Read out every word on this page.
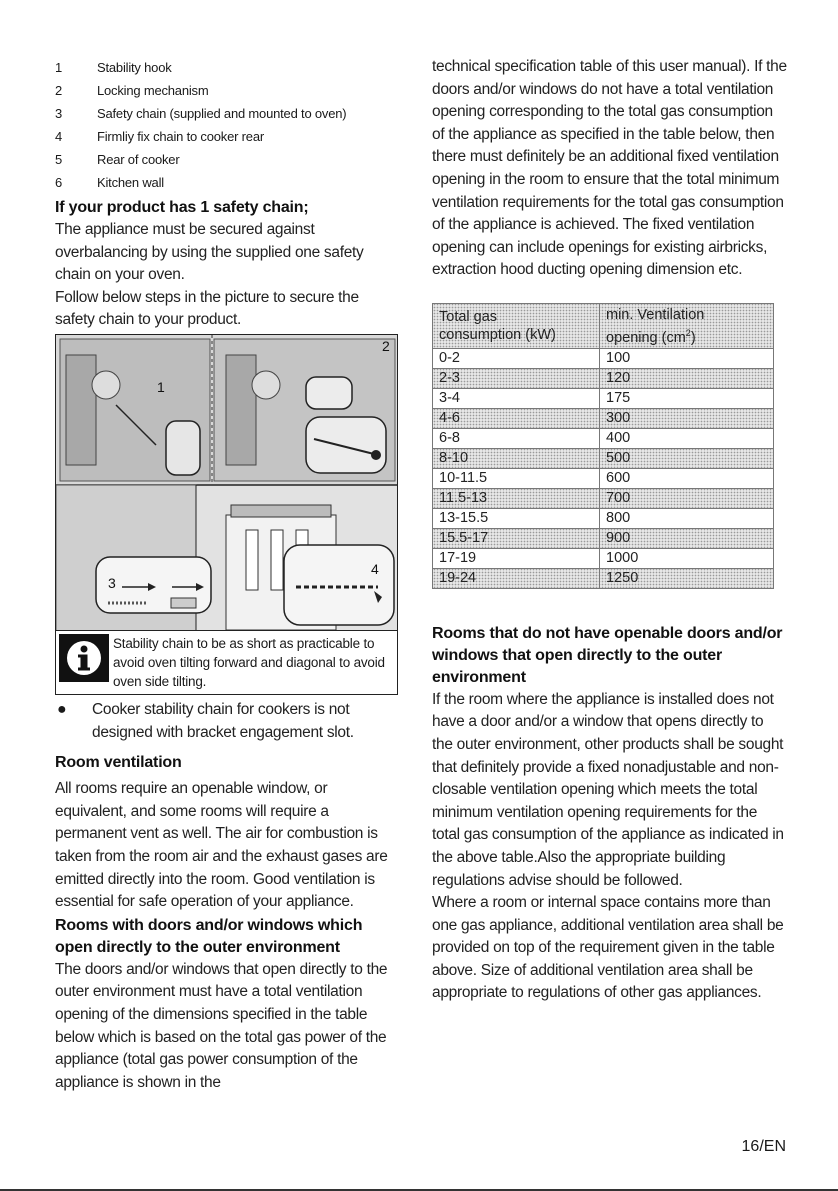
1	Stability hook
2	Locking mechanism
3	Safety chain (supplied and mounted to oven)
4	Firmliy fix chain to cooker rear
5	Rear of cooker
6	Kitchen wall
If your product has 1 safety chain;

The appliance must be secured against overbalancing by using the supplied one safety chain on your oven.

Follow below steps in the picture to secure the safety chain to your product.

1
2
3
4
Stability chain to be as short as practicable to avoid oven tilting forward and diagonal to avoid oven side tilting.
●	Cooker stability chain for cookers is not designed with bracket engagement slot.

Room ventilation

All rooms require an openable window, or equivalent, and some rooms will require a permanent vent as well. The air for combustion is taken from the room air and the exhaust gases are emitted directly into the room. Good ventilation is essential for safe operation of your appliance.

Rooms with doors and/or windows which open directly to the outer environment

The doors and/or windows that open directly to the outer environment must have a total ventilation opening of the dimensions specified in the table below which is based on the total gas power of the appliance (total gas power consumption of the appliance is shown in the

technical specification table of this user manual). If the doors and/or windows do not have a total ventilation opening corresponding to the total gas consumption of the appliance as specified in the table below, then there must definitely be an additional fixed ventilation opening in the room to ensure that the total minimum ventilation requirements for the total gas consumption of the appliance is achieved. The fixed ventilation opening can include openings for existing airbricks, extraction hood ducting opening dimension etc.

Total gas
consumption (kW)	min. Ventilation
opening $(cm^2)$
0-2	100
2-3	120
3-4	175
4-6	300
6-8	400
8-10	500
10-11.5	600
11.5-13	700
13-15.5	800
15.5-17	900
17-19	1000
19-24	1250
Rooms that do not have openable doors and/or windows that open directly to the outer environment

If the room where the appliance is installed does not have a door and/or a window that opens directly to the outer environment, other products shall be sought that definitely provide a fixed nonadjustable and non-closable ventilation opening which meets the total minimum ventilation opening requirements for the total gas consumption of the appliance as indicated in the above table.Also the appropriate building regulations advise should be followed.

Where a room or internal space contains more than one gas appliance, additional ventilation area shall be provided on top of the requirement given in the table above. Size of additional ventilation area shall be appropriate to regulations of other gas appliances.

16/EN
